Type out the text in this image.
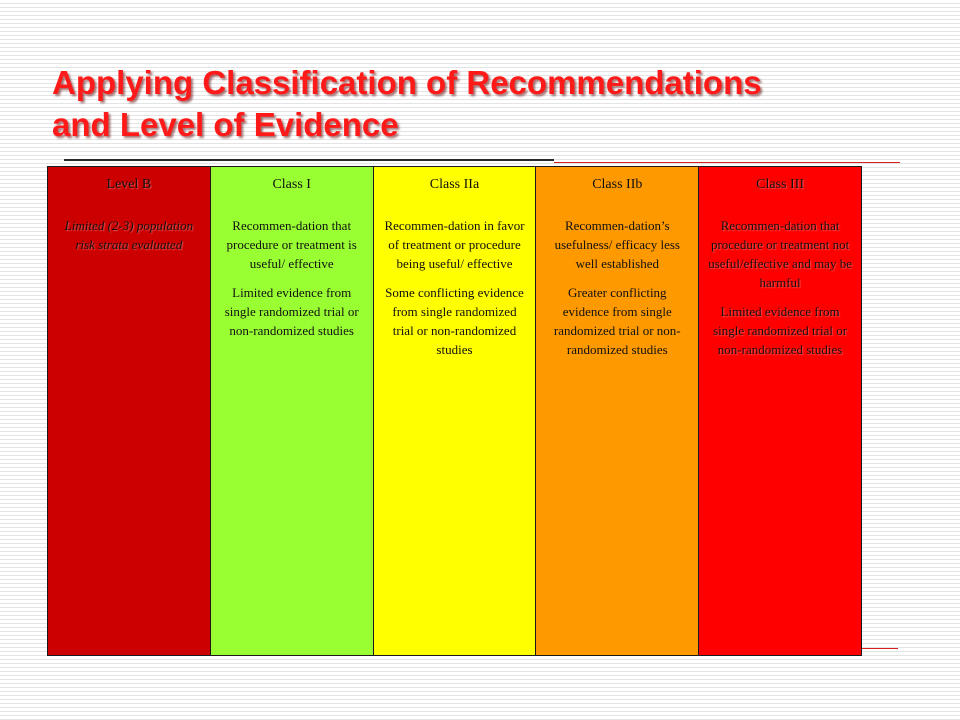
Applying Classification of Recommendations
and Level of Evidence
Level B

Limited (2-3) population risk strata evaluated

Class I

Recommen-dation that procedure or treatment is useful/ effective

Limited evidence from single randomized trial or non-randomized studies

Class IIa

Recommen-dation in favor of treatment or procedure being useful/ effective

Some conflicting evidence from single randomized trial or non-randomized studies

Class IIb

Recommen-dation’s usefulness/ efficacy less well established

Greater conflicting evidence from single randomized trial or non-randomized studies

Class III

Recommen-dation that procedure or treatment not useful/effective and may be harmful

Limited evidence from single randomized trial or non-randomized studies
